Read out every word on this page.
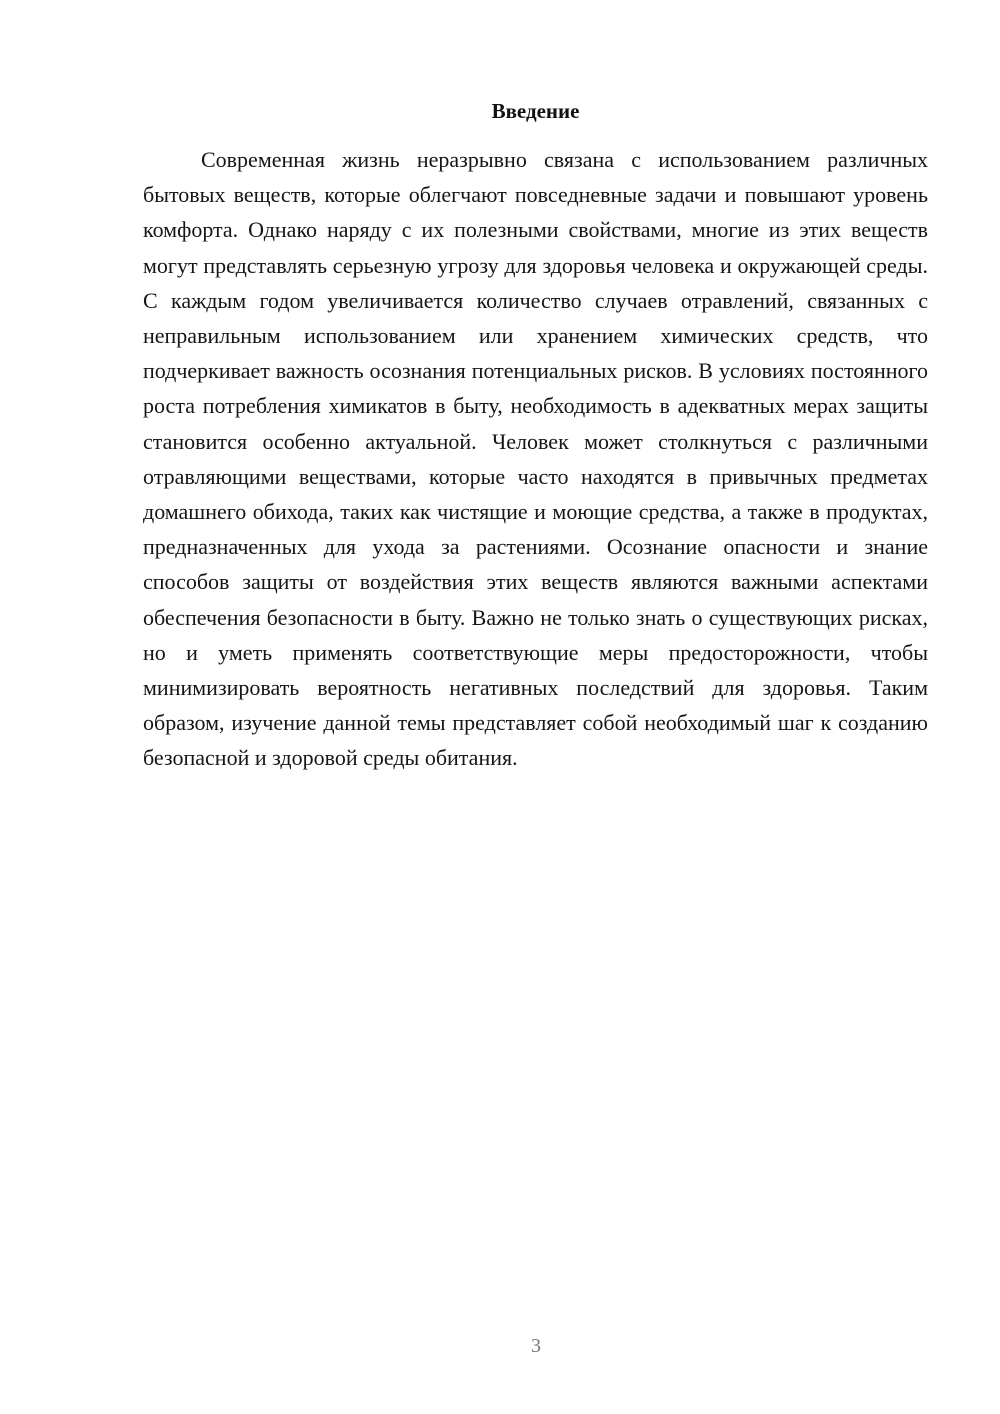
Введение

Современная жизнь неразрывно связана с использованием различных бытовых веществ, которые облегчают повседневные задачи и повышают уровень комфорта. Однако наряду с их полезными свойствами, многие из этих веществ могут представлять серьезную угрозу для здоровья человека и окружающей среды. С каждым годом увеличивается количество случаев отравлений, связанных с неправильным использованием или хранением химических средств, что подчеркивает важность осознания потенциальных рисков. В условиях постоянного роста потребления химикатов в быту, необходимость в адекватных мерах защиты становится особенно актуальной. Человек может столкнуться с различными отравляющими веществами, которые часто находятся в привычных предметах домашнего обихода, таких как чистящие и моющие средства, а также в продуктах, предназначенных для ухода за растениями. Осознание опасности и знание способов защиты от воздействия этих веществ являются важными аспектами обеспечения безопасности в быту. Важно не только знать о существующих рисках, но и уметь применять соответствующие меры предосторожности, чтобы минимизировать вероятность негативных последствий для здоровья. Таким образом, изучение данной темы представляет собой необходимый шаг к созданию безопасной и здоровой среды обитания.

3
